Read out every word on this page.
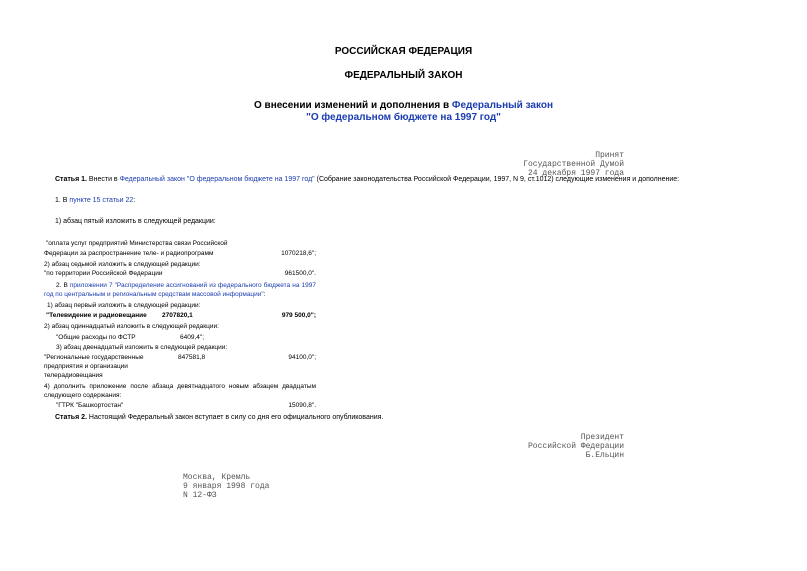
РОССИЙСКАЯ ФЕДЕРАЦИЯ
ФЕДЕРАЛЬНЫЙ ЗАКОН
О внесении изменений и дополнения в Федеральный закон
"О федеральном бюджете на 1997 год"
Принят
Государственной Думой
24 декабря 1997 года
Статья 1. Внести в Федеральный закон "О федеральном бюджете на 1997 год" (Собрание законодательства Российской Федерации, 1997, N 9, ст.1012) следующие изменения и дополнение:
1. В пункте 15 статьи 22:
1) абзац пятый изложить в следующей редакции:
"оплата услуг предприятий Министерства связи Российской
Федерации за распространение теле- и радиопрограмм	1070218,6";
2) абзац седьмой изложить в следующей редакции:
"по территории Российской Федерации	961500,0".
2. В приложении 7 "Распределение ассигнований из федерального бюджета на 1997 год по центральным и региональным средствам массовой информации":
1) абзац первый изложить в следующей редакции:
"Телевидение и радиовещание 2707820,1	979 500,0";
2) абзац одиннадцатый изложить в следующей редакции:
"Общие расходы по ФСТР	6409,4";
3) абзац двенадцатый изложить в следующей редакции:
"Региональные государственные
предприятия и организации
телерадиовещания
847581,8	94100,0";
4) дополнить приложение после абзаца девятнадцатого новым абзацем двадцатым следующего содержания:
"ГТРК "Башкортостан"	15090,8".
Статья 2. Настоящий Федеральный закон вступает в силу со дня его официального опубликования.
Президент
Российской Федерации
Б.Ельцин
Москва, Кремль
9 января 1998 года
N 12-ФЗ
